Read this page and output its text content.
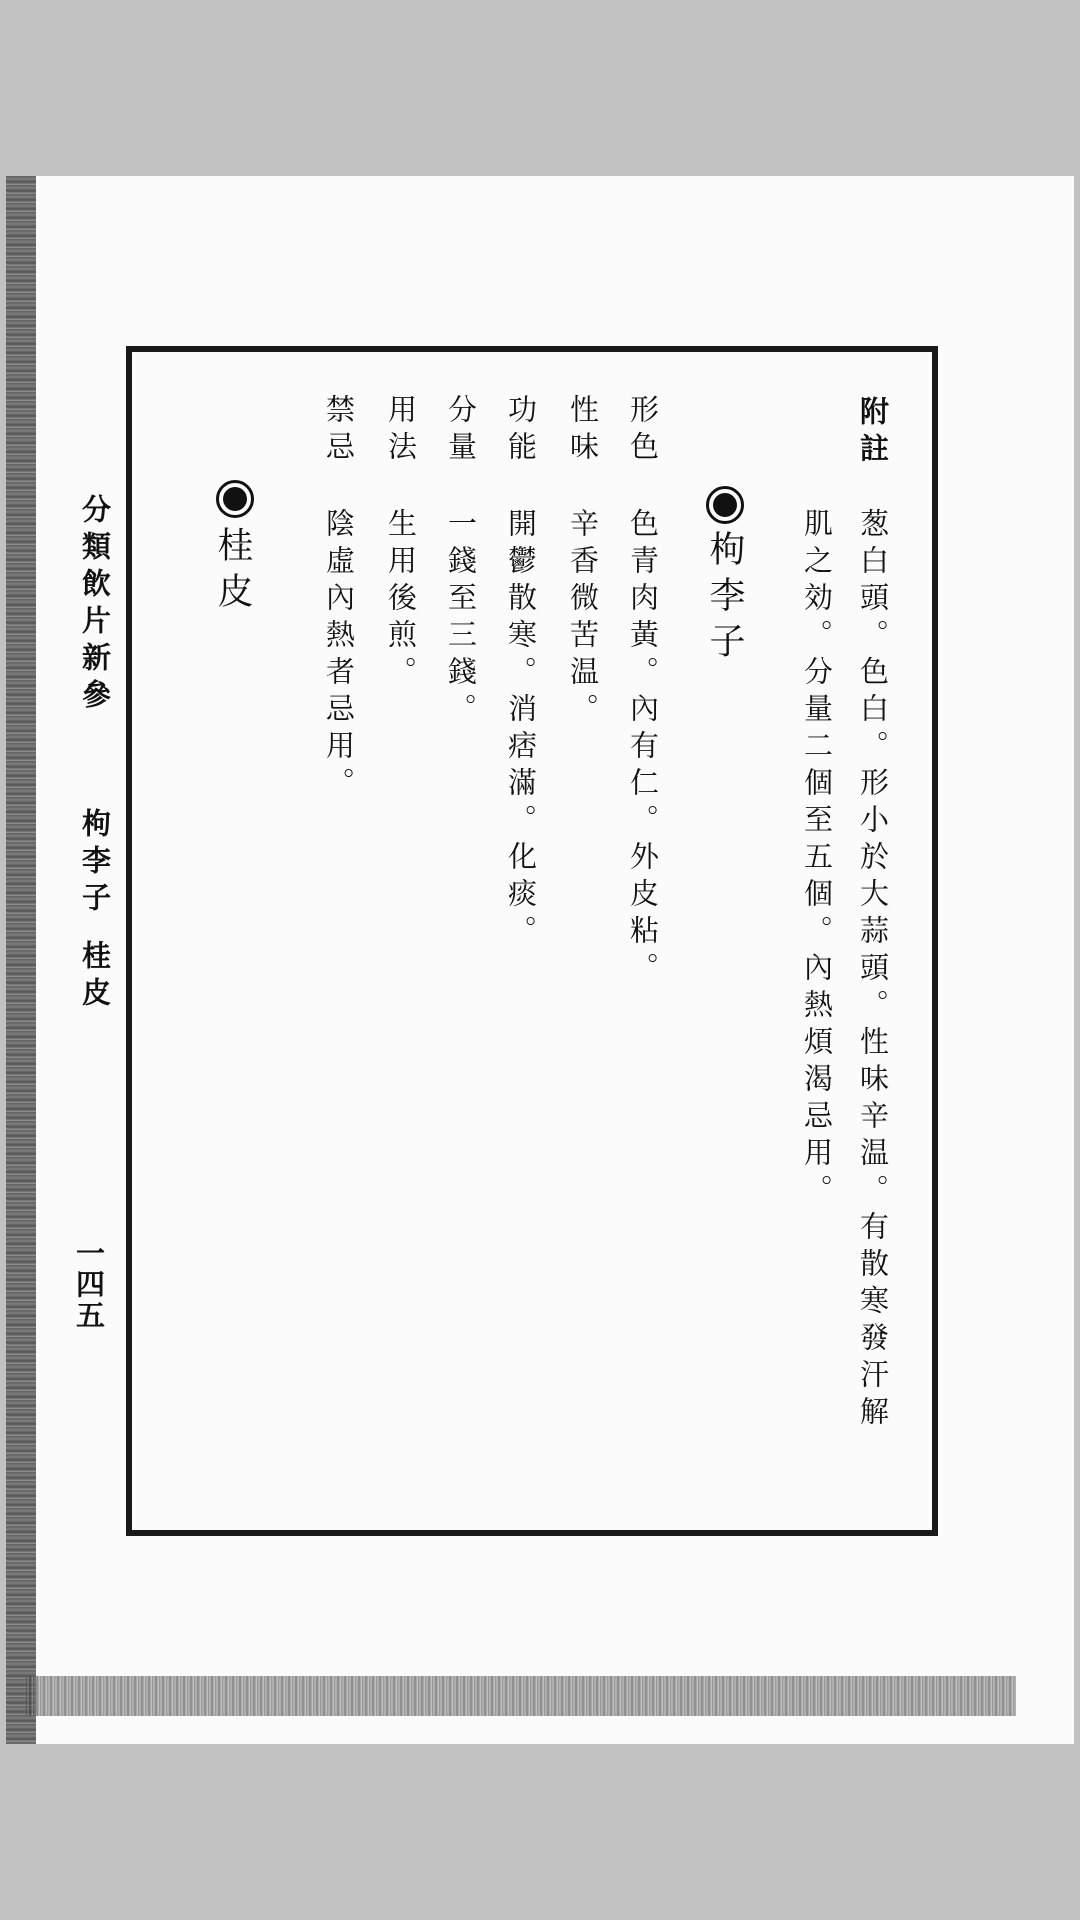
分類飲片新參
枸李子
桂皮
一四五
附註
葱白頭。色白。形小於大蒜頭。性味辛温。有散寒發汗解
肌之効。分量二個至五個。內熱煩渴忌用。
枸李子
形色
性味
功能
分量
用法
禁忌
色青肉黃。內有仁。外皮粘。
辛香微苦温。
開鬱散寒。消痞滿。化痰。
一錢至三錢。
生用後煎。
陰虛內熱者忌用。
桂皮
